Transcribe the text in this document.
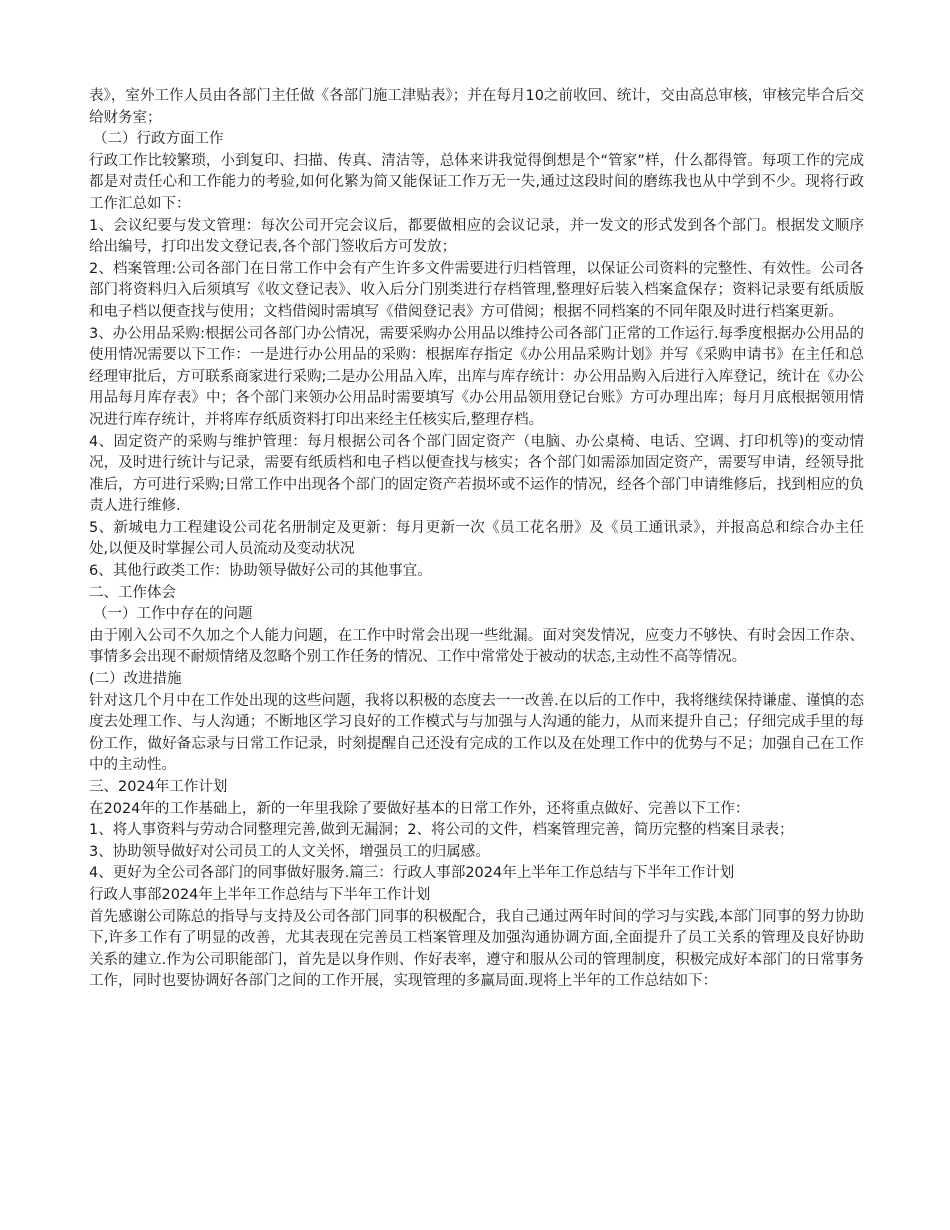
表》，室外工作人员由各部门主任做《各部门施工津贴表》；并在每月10之前收回、统计，交由高总审核，审核完毕合后交给财务室；

（二）行政方面工作

行政工作比较繁琐，小到复印、扫描、传真、清洁等，总体来讲我觉得倒想是个“管家”样，什么都得管。每项工作的完成都是对责任心和工作能力的考验,如何化繁为简又能保证工作万无一失,通过这段时间的磨练我也从中学到不少。现将行政工作汇总如下：

1、会议纪要与发文管理：每次公司开完会议后，都要做相应的会议记录，并一发文的形式发到各个部门。根据发文顺序给出编号，打印出发文登记表,各个部门签收后方可发放；

2、档案管理:公司各部门在日常工作中会有产生许多文件需要进行归档管理，以保证公司资料的完整性、有效性。公司各部门将资料归入后须填写《收文登记表》、收入后分门别类进行存档管理,整理好后装入档案盒保存；资料记录要有纸质版和电子档以便查找与使用；文档借阅时需填写《借阅登记表》方可借阅；根据不同档案的不同年限及时进行档案更新。

3、办公用品采购:根据公司各部门办公情况，需要采购办公用品以维持公司各部门正常的工作运行.每季度根据办公用品的使用情况需要以下工作：一是进行办公用品的采购：根据库存指定《办公用品采购计划》并写《采购申请书》在主任和总经理审批后，方可联系商家进行采购;二是办公用品入库，出库与库存统计：办公用品购入后进行入库登记，统计在《办公用品每月库存表》中；各个部门来领办公用品时需要填写《办公用品领用登记台账》方可办理出库；每月月底根据领用情况进行库存统计，并将库存纸质资料打印出来经主任核实后,整理存档。

4、固定资产的采购与维护管理：每月根据公司各个部门固定资产（电脑、办公桌椅、电话、空调、打印机等)的变动情况，及时进行统计与记录，需要有纸质档和电子档以便查找与核实；各个部门如需添加固定资产，需要写申请，经领导批准后，方可进行采购;日常工作中出现各个部门的固定资产若损坏或不运作的情况，经各个部门申请维修后，找到相应的负责人进行维修.

5、新城电力工程建设公司花名册制定及更新：每月更新一次《员工花名册》及《员工通讯录》，并报高总和综合办主任处,以便及时掌握公司人员流动及变动状况

6、其他行政类工作：协助领导做好公司的其他事宜。

二、工作体会

（一）工作中存在的问题

由于刚入公司不久加之个人能力问题，在工作中时常会出现一些纰漏。面对突发情况，应变力不够快、有时会因工作杂、事情多会出现不耐烦情绪及忽略个别工作任务的情况、工作中常常处于被动的状态,主动性不高等情况。

(二）改进措施

针对这几个月中在工作处出现的这些问题，我将以积极的态度去一一改善.在以后的工作中，我将继续保持谦虚、谨慎的态度去处理工作、与人沟通；不断地区学习良好的工作模式与与加强与人沟通的能力，从而来提升自己；仔细完成手里的每份工作，做好备忘录与日常工作记录，时刻提醒自己还没有完成的工作以及在处理工作中的优势与不足；加强自己在工作中的主动性。

三、2024年工作计划

在2024年的工作基础上，新的一年里我除了要做好基本的日常工作外，还将重点做好、完善以下工作：

1、将人事资料与劳动合同整理完善,做到无漏洞；2、将公司的文件，档案管理完善，简历完整的档案目录表；

3、协助领导做好对公司员工的人文关怀，增强员工的归属感。

4、更好为全公司各部门的同事做好服务.篇三：行政人事部2024年上半年工作总结与下半年工作计划

行政人事部2024年上半年工作总结与下半年工作计划

首先感谢公司陈总的指导与支持及公司各部门同事的积极配合，我自己通过两年时间的学习与实践,本部门同事的努力协助下,许多工作有了明显的改善，尤其表现在完善员工档案管理及加强沟通协调方面,全面提升了员工关系的管理及良好协助关系的建立.作为公司职能部门，首先是以身作则、作好表率，遵守和服从公司的管理制度，积极完成好本部门的日常事务工作，同时也要协调好各部门之间的工作开展，实现管理的多赢局面.现将上半年的工作总结如下：
